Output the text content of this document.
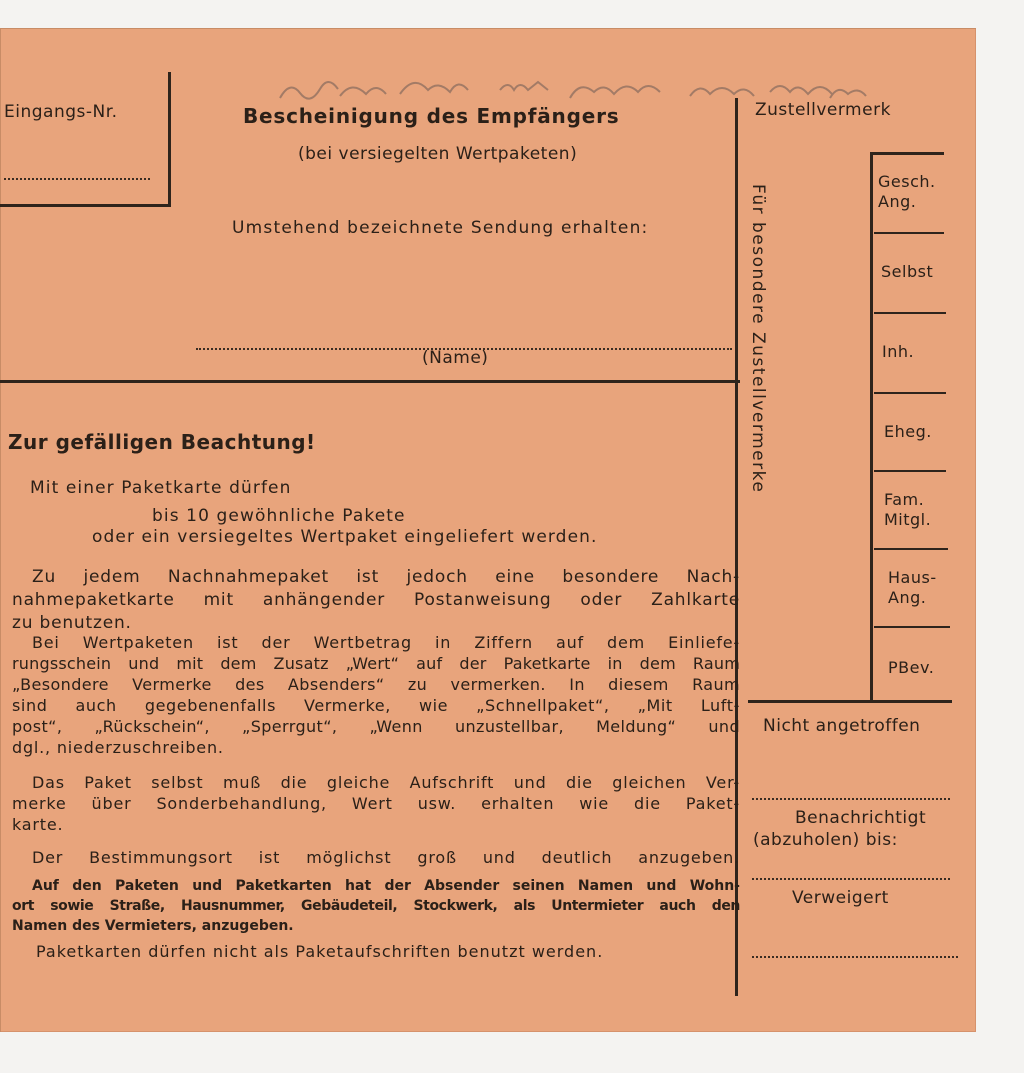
Eingangs-Nr.	Bescheinigung des Empfängers
(bei versiegelten Wertpaketen)
Umstehend bezeichnete Sendung erhalten:
(Name)
Zustellvermerk
Für besondere Zustellvermerke
Gesch.
Ang.
Selbst
Inh.
Eheg.
Fam.
Mitgl.
Haus-
Ang.
PBev.
Nicht angetroffen
Benachrichtigt
(abzuholen) bis:
Verweigert
Zur gefälligen Beachtung!
Mit einer Paketkarte dürfen
bis 10 gewöhnliche Pakete
oder ein versiegeltes Wertpaket eingeliefert werden.
Zu jedem Nachnahmepaket ist jedoch eine besondere Nach-
nahmepaketkarte mit anhängender Postanweisung oder Zahlkarte
zu benutzen.
Bei Wertpaketen ist der Wertbetrag in Ziffern auf dem Einliefe-
rungsschein und mit dem Zusatz „Wert“ auf der Paketkarte in dem Raum
„Besondere Vermerke des Absenders“ zu vermerken. In diesem Raum
sind auch gegebenenfalls Vermerke, wie „Schnellpaket“, „Mit Luft-
post“, „Rückschein“, „Sperrgut“, „Wenn unzustellbar, Meldung“ und
dgl., niederzuschreiben.
Das Paket selbst muß die gleiche Aufschrift und die gleichen Ver-
merke über Sonderbehandlung, Wert usw. erhalten wie die Paket-
karte.
Der Bestimmungsort ist möglichst groß und deutlich anzugeben.
Auf den Paketen und Paketkarten hat der Absender seinen Namen und Wohn-
ort sowie Straße, Hausnummer, Gebäudeteil, Stockwerk, als Untermieter auch den
Namen des Vermieters, anzugeben.
Paketkarten dürfen nicht als Paketaufschriften benutzt werden.
